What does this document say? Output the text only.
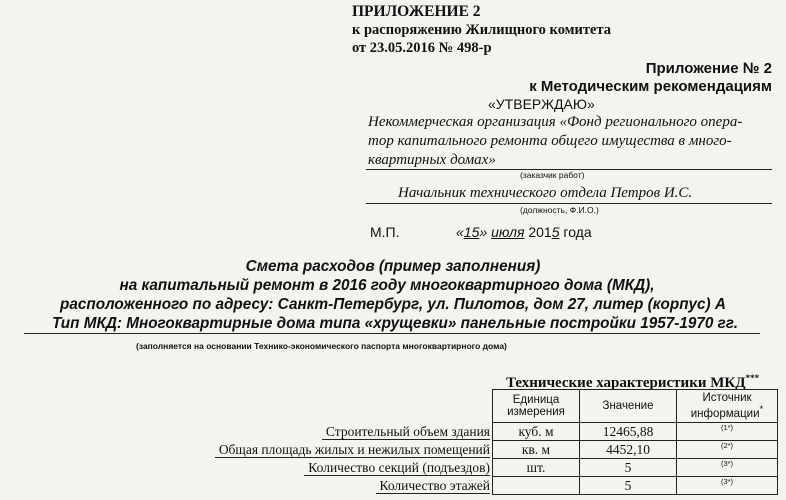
ПРИЛОЖЕНИЕ 2
к распоряжению Жилищного комитета
от 23.05.2016 № 498-р
Приложение № 2
к Методическим рекомендациям
«УТВЕРЖДАЮ»
Некоммерческая организация «Фонд регионального опера-
тор капитального ремонта общего имущества в много-
квартирных домах»
(заказчик работ)
Начальник технического отдела Петров И.С.
(должность, Ф.И.О.)
М.П.	«15» июля 2015 года
Смета расходов (пример заполнения)
на капитальный ремонт в 2016 году многоквартирного дома (МКД),
расположенного по адресу: Санкт-Петербург, ул. Пилотов, дом 27, литер (корпус) А
Тип МКД: Многоквартирные дома типа «хрущевки» панельные постройки 1957-1970 гг.
(заполняется на основании Технико-экономического паспорта многоквартирного дома)
Технические характеристики МКД***
	Единица измерения	Значение	Источник информации*
Строительный объем здания	куб. м	12465,88	(1*)
Общая площадь жилых и нежилых помещений	кв. м	4452,10	(2*)
Количество секций (подъездов)	шт.	5	(3*)
Количество этажей		5	(3*)
